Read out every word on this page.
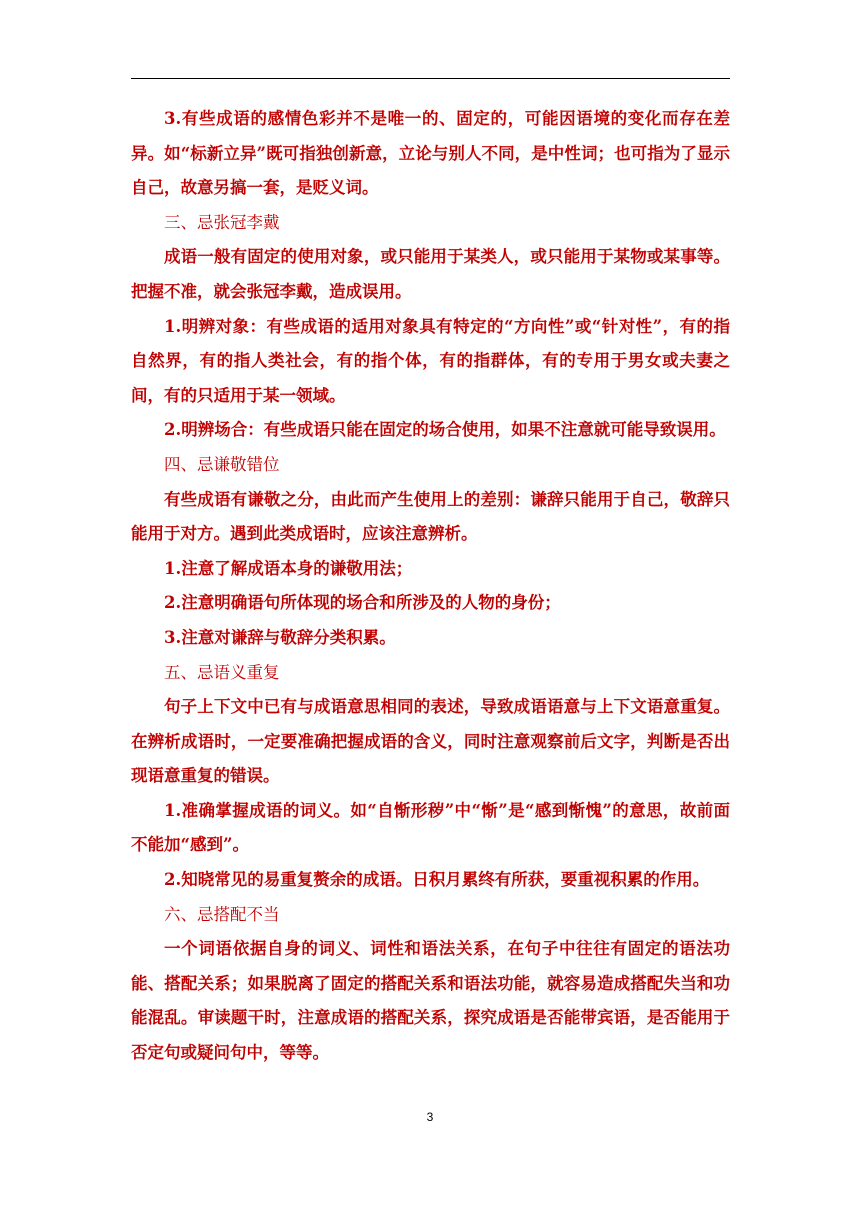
3.有些成语的感情色彩并不是唯一的、固定的，可能因语境的变化而存在差异。如“标新立异”既可指独创新意，立论与别人不同，是中性词；也可指为了显示自己，故意另搞一套，是贬义词。

三、忌张冠李戴

成语一般有固定的使用对象，或只能用于某类人，或只能用于某物或某事等。把握不准，就会张冠李戴，造成误用。

1.明辨对象：有些成语的适用对象具有特定的“方向性”或“针对性”，有的指自然界，有的指人类社会，有的指个体，有的指群体，有的专用于男女或夫妻之间，有的只适用于某一领域。

2.明辨场合：有些成语只能在固定的场合使用，如果不注意就可能导致误用。

四、忌谦敬错位

有些成语有谦敬之分，由此而产生使用上的差别：谦辞只能用于自己，敬辞只能用于对方。遇到此类成语时，应该注意辨析。

1.注意了解成语本身的谦敬用法；

2.注意明确语句所体现的场合和所涉及的人物的身份；

3.注意对谦辞与敬辞分类积累。

五、忌语义重复

句子上下文中已有与成语意思相同的表述，导致成语语意与上下文语意重复。在辨析成语时，一定要准确把握成语的含义，同时注意观察前后文字，判断是否出现语意重复的错误。

1.准确掌握成语的词义。如“自惭形秽”中“惭”是“感到惭愧”的意思，故前面不能加“感到”。

2.知晓常见的易重复赘余的成语。日积月累终有所获，要重视积累的作用。

六、忌搭配不当

一个词语依据自身的词义、词性和语法关系，在句子中往往有固定的语法功能、搭配关系；如果脱离了固定的搭配关系和语法功能，就容易造成搭配失当和功能混乱。审读题干时，注意成语的搭配关系，探究成语是否能带宾语，是否能用于否定句或疑问句中，等等。

3
